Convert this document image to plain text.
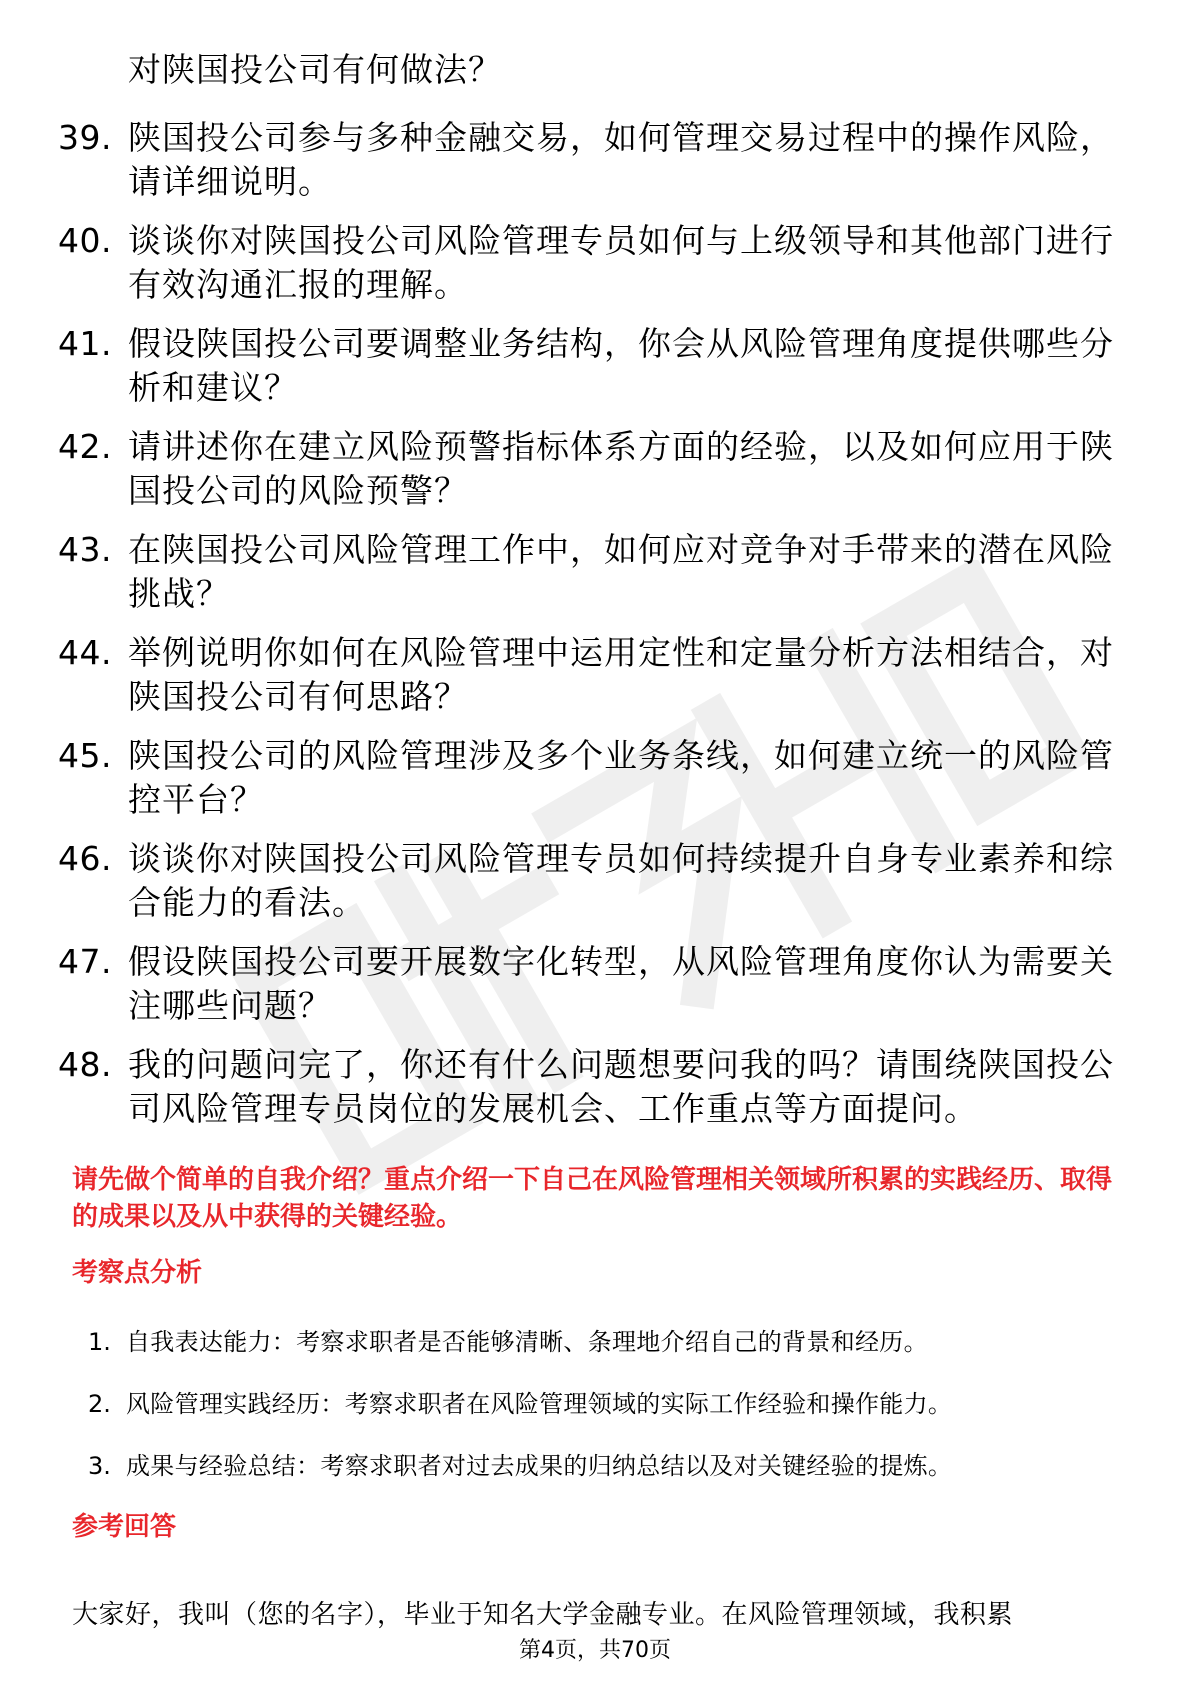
对陕国投公司有何做法？

39. 陕国投公司参与多种金融交易，如何管理交易过程中的操作风险，请详细说明。
40. 谈谈你对陕国投公司风险管理专员如何与上级领导和其他部门进行有效沟通汇报的理解。
41. 假设陕国投公司要调整业务结构，你会从风险管理角度提供哪些分析和建议？
42. 请讲述你在建立风险预警指标体系方面的经验，以及如何应用于陕国投公司的风险预警？
43. 在陕国投公司风险管理工作中，如何应对竞争对手带来的潜在风险挑战？
44. 举例说明你如何在风险管理中运用定性和定量分析方法相结合，对陕国投公司有何思路？
45. 陕国投公司的风险管理涉及多个业务条线，如何建立统一的风险管控平台？
46. 谈谈你对陕国投公司风险管理专员如何持续提升自身专业素养和综合能力的看法。
47. 假设陕国投公司要开展数字化转型，从风险管理角度你认为需要关注哪些问题？
48. 我的问题问完了，你还有什么问题想要问我的吗？请围绕陕国投公司风险管理专员岗位的发展机会、工作重点等方面提问。

请先做个简单的自我介绍？重点介绍一下自己在风险管理相关领域所积累的实践经历、取得的成果以及从中获得的关键经验。

考察点分析
1. 自我表达能力：考察求职者是否能够清晰、条理地介绍自己的背景和经历。
2. 风险管理实践经历：考察求职者在风险管理领域的实际工作经验和操作能力。
3. 成果与经验总结：考察求职者对过去成果的归纳总结以及对关键经验的提炼。
参考回答

大家好，我叫（您的名字），毕业于知名大学金融专业。在风险管理领域，我积累

第4页，共70页
